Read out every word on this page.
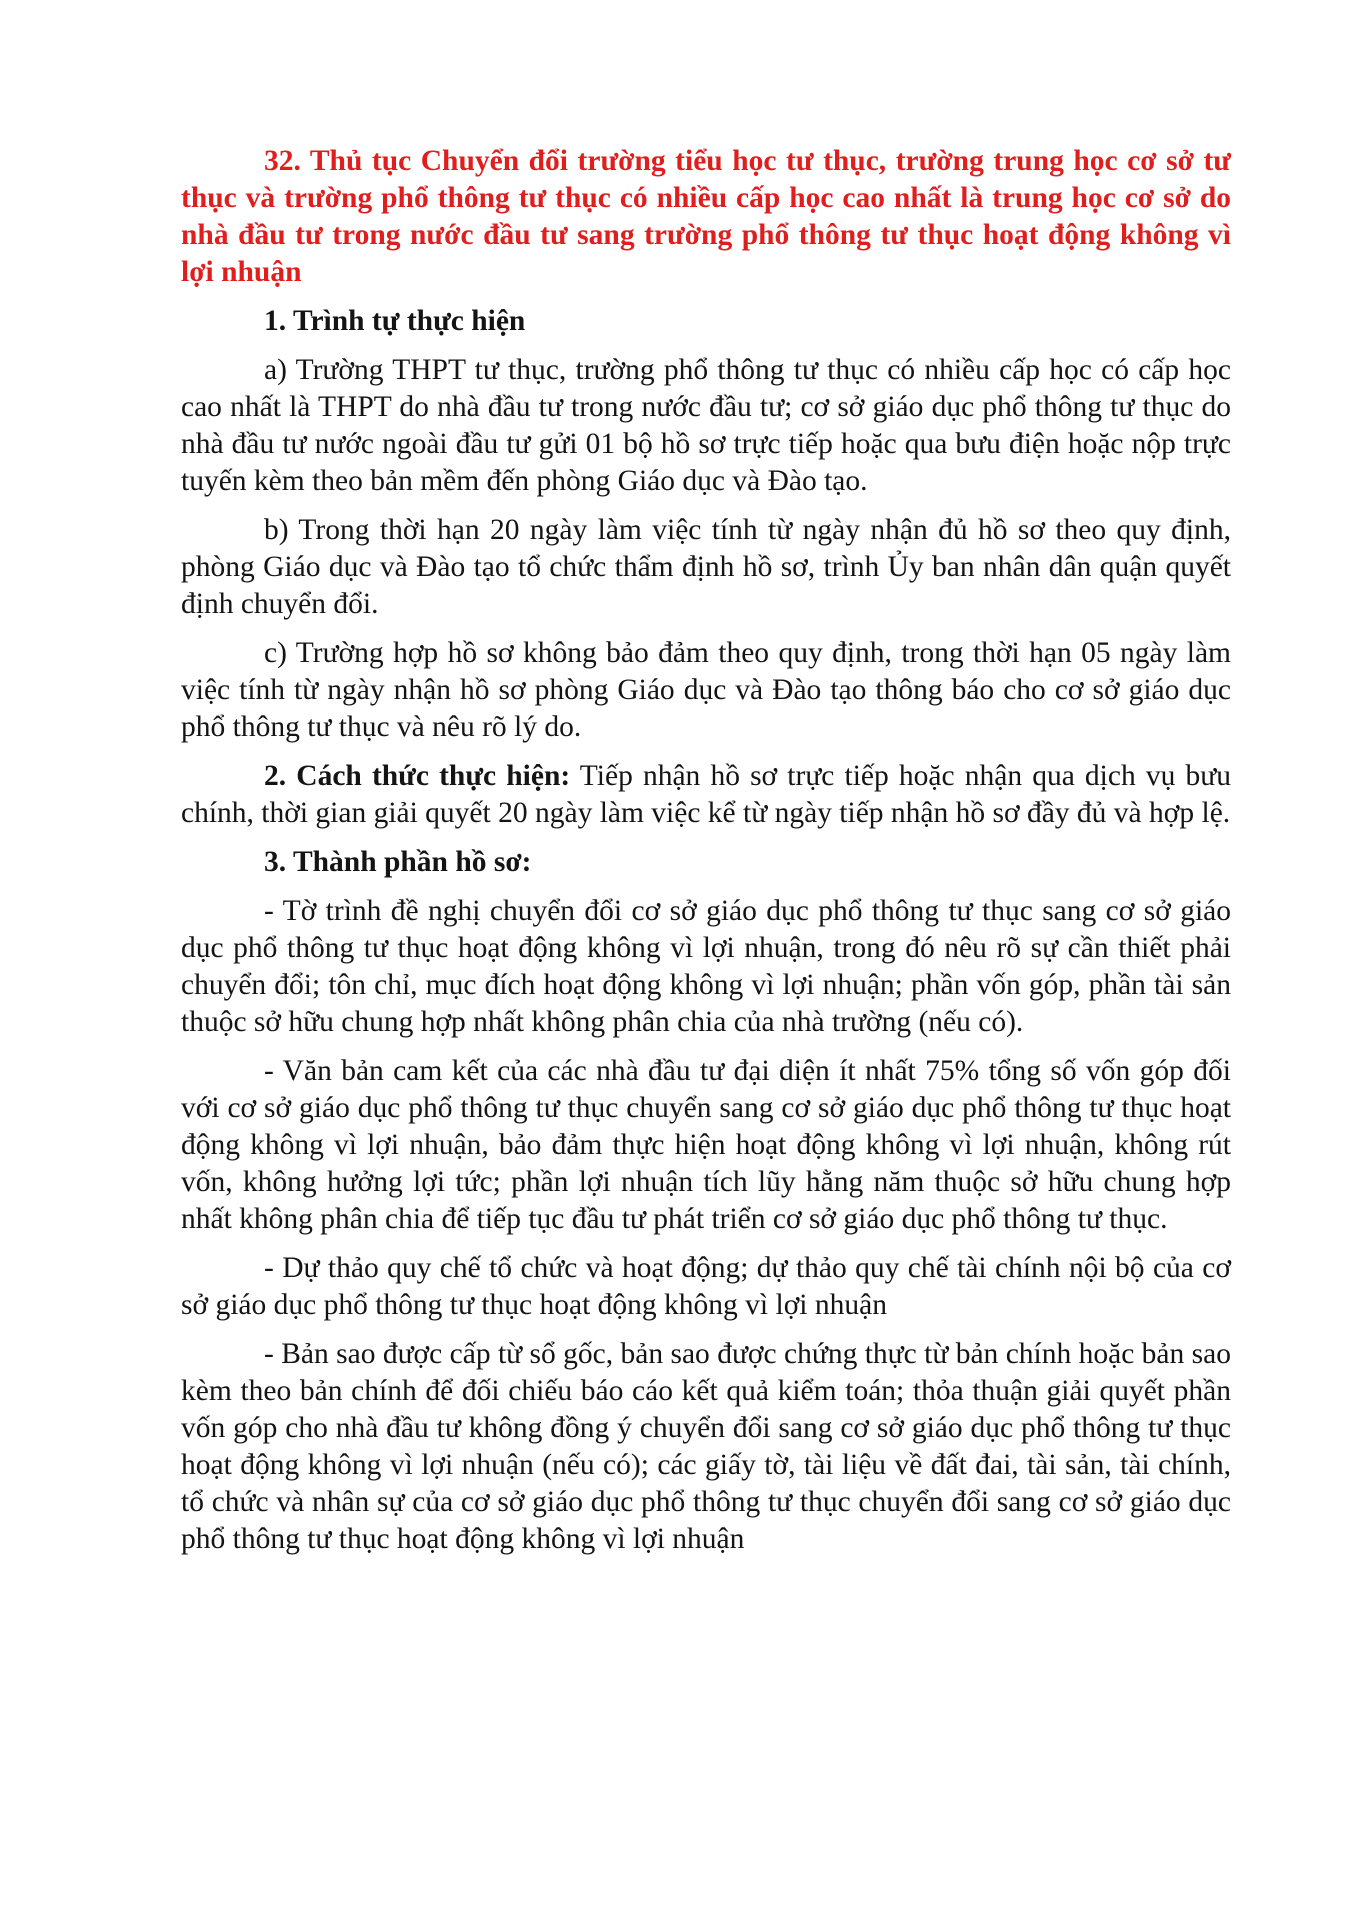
32. Thủ tục Chuyển đổi trường tiểu học tư thục, trường trung học cơ sở tư thục và trường phổ thông tư thục có nhiều cấp học cao nhất là trung học cơ sở do nhà đầu tư trong nước đầu tư sang trường phổ thông tư thục hoạt động không vì lợi nhuận

1. Trình tự thực hiện

a) Trường THPT tư thục, trường phổ thông tư thục có nhiều cấp học có cấp học cao nhất là THPT do nhà đầu tư trong nước đầu tư; cơ sở giáo dục phổ thông tư thục do nhà đầu tư nước ngoài đầu tư gửi 01 bộ hồ sơ trực tiếp hoặc qua bưu điện hoặc nộp trực tuyến kèm theo bản mềm đến phòng Giáo dục và Đào tạo.

b) Trong thời hạn 20 ngày làm việc tính từ ngày nhận đủ hồ sơ theo quy định, phòng Giáo dục và Đào tạo tổ chức thẩm định hồ sơ, trình Ủy ban nhân dân quận quyết định chuyển đổi.

c) Trường hợp hồ sơ không bảo đảm theo quy định, trong thời hạn 05 ngày làm việc tính từ ngày nhận hồ sơ phòng Giáo dục và Đào tạo thông báo cho cơ sở giáo dục phổ thông tư thục và nêu rõ lý do.

2. Cách thức thực hiện: Tiếp nhận hồ sơ trực tiếp hoặc nhận qua dịch vụ bưu chính, thời gian giải quyết 20 ngày làm việc kể từ ngày tiếp nhận hồ sơ đầy đủ và hợp lệ.

3. Thành phần hồ sơ:

- Tờ trình đề nghị chuyển đổi cơ sở giáo dục phổ thông tư thục sang cơ sở giáo dục phổ thông tư thục hoạt động không vì lợi nhuận, trong đó nêu rõ sự cần thiết phải chuyển đổi; tôn chỉ, mục đích hoạt động không vì lợi nhuận; phần vốn góp, phần tài sản thuộc sở hữu chung hợp nhất không phân chia của nhà trường (nếu có).

- Văn bản cam kết của các nhà đầu tư đại diện ít nhất 75% tổng số vốn góp đối với cơ sở giáo dục phổ thông tư thục chuyển sang cơ sở giáo dục phổ thông tư thục hoạt động không vì lợi nhuận, bảo đảm thực hiện hoạt động không vì lợi nhuận, không rút vốn, không hưởng lợi tức; phần lợi nhuận tích lũy hằng năm thuộc sở hữu chung hợp nhất không phân chia để tiếp tục đầu tư phát triển cơ sở giáo dục phổ thông tư thục.

- Dự thảo quy chế tổ chức và hoạt động; dự thảo quy chế tài chính nội bộ của cơ sở giáo dục phổ thông tư thục hoạt động không vì lợi nhuận

- Bản sao được cấp từ sổ gốc, bản sao được chứng thực từ bản chính hoặc bản sao kèm theo bản chính để đối chiếu báo cáo kết quả kiểm toán; thỏa thuận giải quyết phần vốn góp cho nhà đầu tư không đồng ý chuyển đổi sang cơ sở giáo dục phổ thông tư thục hoạt động không vì lợi nhuận (nếu có); các giấy tờ, tài liệu về đất đai, tài sản, tài chính, tổ chức và nhân sự của cơ sở giáo dục phổ thông tư thục chuyển đổi sang cơ sở giáo dục phổ thông tư thục hoạt động không vì lợi nhuận
